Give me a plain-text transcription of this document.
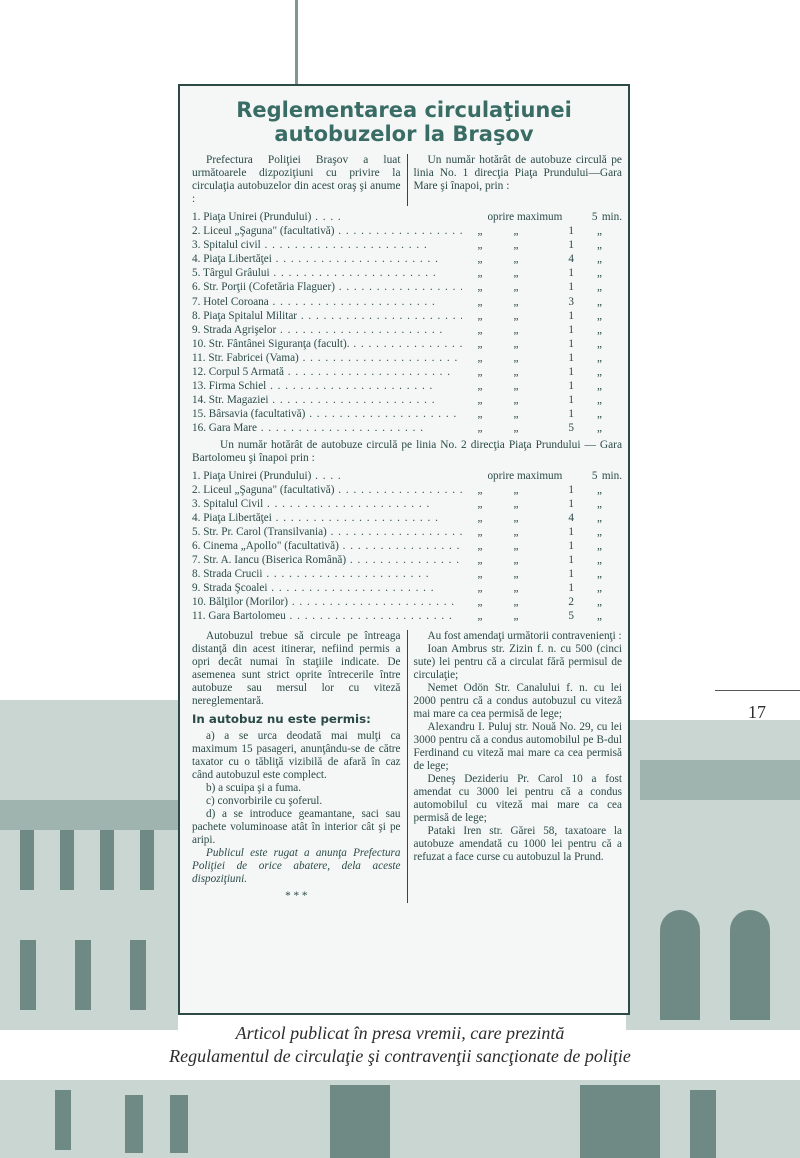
17
Reglementarea circulaţiunei
autobuzelor la Braşov
Prefectura Poliţiei Braşov a luat următoarele dizpoziţiuni cu privire la circulaţia autobuzelor din acest oraş şi anume :
Un număr hotărât de autobuze circulă pe linia No. 1 direcţia Piaţa Prundului—Gara Mare şi înapoi, prin :
1. Piaţa Unirei (Prundului) . . . .	oprire maximum	5 min.
2. Liceul „Şaguna" (facultativă) . . .	„	„	1	„
3. Spitalul civil . . .	„	„	1	„
4. Piaţa Libertăţei . . .	„	„	4	„
5. Târgul Grâului . . .	„	„	1	„
6. Str. Porţii (Cofetăria Flaguer) . . .	„	„	1	„
7. Hotel Coroana . . .	„	„	3	„
8. Piaţa Spitalul Militar . . .	„	„	1	„
9. Strada Agrişelor . . .	„	„	1	„
10. Str. Fântânei Siguranţa (facult). . . .	„	„	1	„
11. Str. Fabricei (Vama) . . .	„	„	1	„
12. Corpul 5 Armată . . .	„	„	1	„
13. Firma Schiel . . .	„	„	1	„
14. Str. Magaziei . . .	„	„	1	„
15. Bârsavia (facultativă) . . .	„	„	1	„
16. Gara Mare . . .	„	„	5	„
Un număr hotărât de autobuze circulă pe linia No. 2 direcţia Piaţa Prundului — Gara Bartolomeu şi înapoi prin :
1. Piaţa Unirei (Prundului) . . . .	oprire maximum	5 min.
2. Liceul „Şaguna" (facultativă) . . .	„	„	1	„
3. Spitalul Civil . . .	„	„	1	„
4. Piaţa Libertăţei . . .	„	„	4	„
5. Str. Pr. Carol (Transilvania) . . .	„	„	1	„
6. Cinema „Apollo" (facultativă) . . .	„	„	1	„
7. Str. A. Iancu (Biserica Română) . . .	„	„	1	„
8. Strada Crucii . . .	„	„	1	„
9. Strada Şcoalei . . .	„	„	1	„
10. Bălţilor (Morilor) . . .	„	„	2	„
11. Gara Bartolomeu . . .	„	„	5	„

Autobuzul trebue să circule pe întreaga distanţă din acest itinerar, nefiind permis a opri decât numai în staţiile indicate. De asemenea sunt strict oprite întrecerile între autobuze sau mersul lor cu viteză nereglementară.

In autobuz nu este permis:

a) a se urca deodată mai mulţi ca maximum 15 pasageri, anunţându-se de către taxator cu o tăbliţă vizibilă de afară în caz când autobuzul este complect.

b) a scuipa şi a fuma.

c) convorbirile cu şoferul.

d) a se introduce geamantane, saci sau pachete voluminoase atât în interior cât şi pe aripi.

Publicul este rugat a anunţa Prefectura Poliţiei de orice abatere, dela aceste dispoziţiuni.

* * *

Au fost amendaţi următorii contravenienţi :

Ioan Ambrus str. Zizin f. n. cu 500 (cinci sute) lei pentru că a circulat fără permisul de circulaţie;

Nemet Odön Str. Canalului f. n. cu lei 2000 pentru că a condus autobuzul cu viteză mai mare ca cea permisă de lege;

Alexandru I. Puluj str. Nouă No. 29, cu lei 3000 pentru că a condus automobilul pe B-dul Ferdinand cu viteză mai mare ca cea permisă de lege;

Deneş Dezideriu Pr. Carol 10 a fost amendat cu 3000 lei pentru că a condus automobilul cu viteză mai mare ca cea permisă de lege;

Pataki Iren str. Gărei 58, taxatoare la autobuze amendată cu 1000 lei pentru că a refuzat a face curse cu autobuzul la Prund.

Articol publicat în presa vremii, care prezintă
Regulamentul de circulaţie şi contravenţii sancţionate de poliţie
